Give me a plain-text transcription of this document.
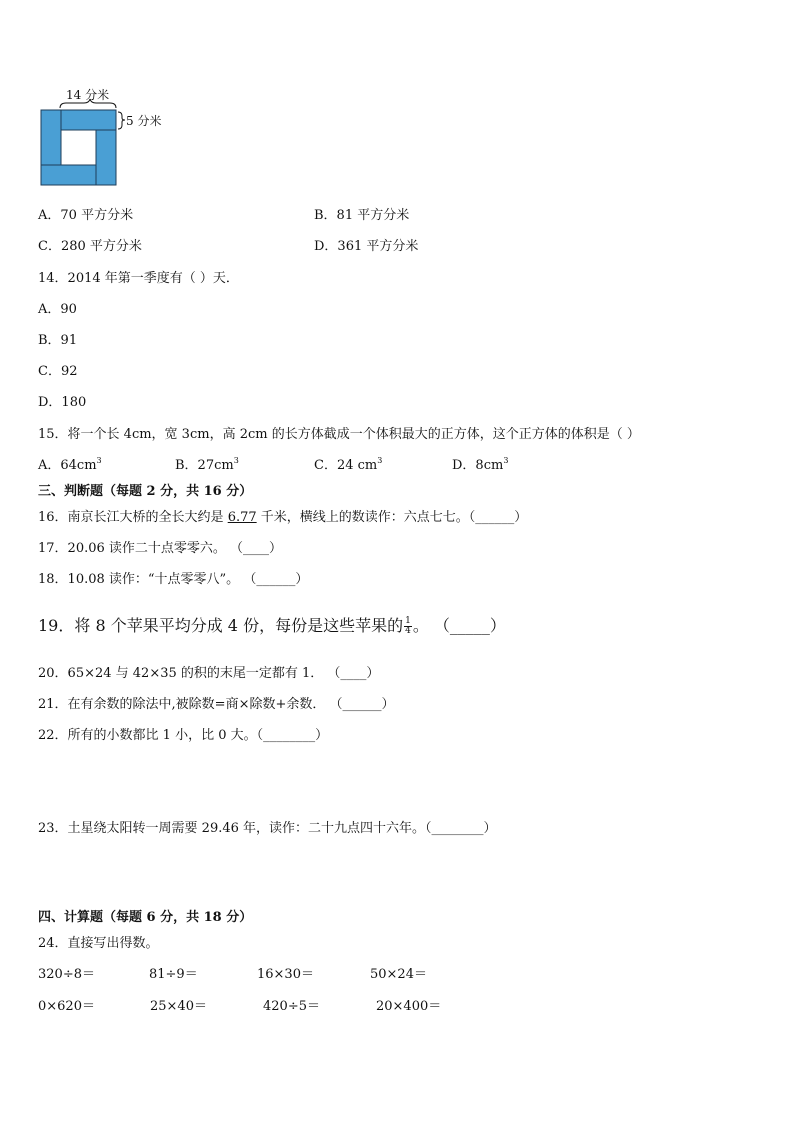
14 分米
5 分米
A．70 平方分米	B．81 平方分米
C．280 平方分米	D．361 平方分米
14．2014 年第一季度有（ ）天．
A．90
B．91
C．92
D．180
15．将一个长 4cm，宽 3cm，高 2cm 的长方体截成一个体积最大的正方体，这个正方体的体积是（ ）
A．$64cm^3$	B．$27cm^3$	C．24 $cm^3$	D．$8cm^3$
三、判断题（每题 2 分，共 16 分）
16．南京长江大桥的全长大约是 6.77 千米，横线上的数读作：六点七七。（______）
17．20.06 读作二十点零零六。 （____）
18．10.08 读作：“十点零零八”。 （______）
19．将 8 个苹果平均分成 4 份，每份是这些苹果的 $\frac{1}{4}$ 。 （_____）
20．65×24 与 42×35 的积的末尾一定都有 1． （____）
21．在有余数的除法中,被除数=商×除数+余数． （______）
22．所有的小数都比 1 小，比 0 大。（________）
23．土星绕太阳转一周需要 29.46 年，读作：二十九点四十六年。（________）
四、计算题（每题 6 分，共 18 分）
24．直接写出得数。
320÷8＝	81÷9＝	16×30＝	50×24＝
0×620＝	25×40＝	420÷5＝	20×400＝
